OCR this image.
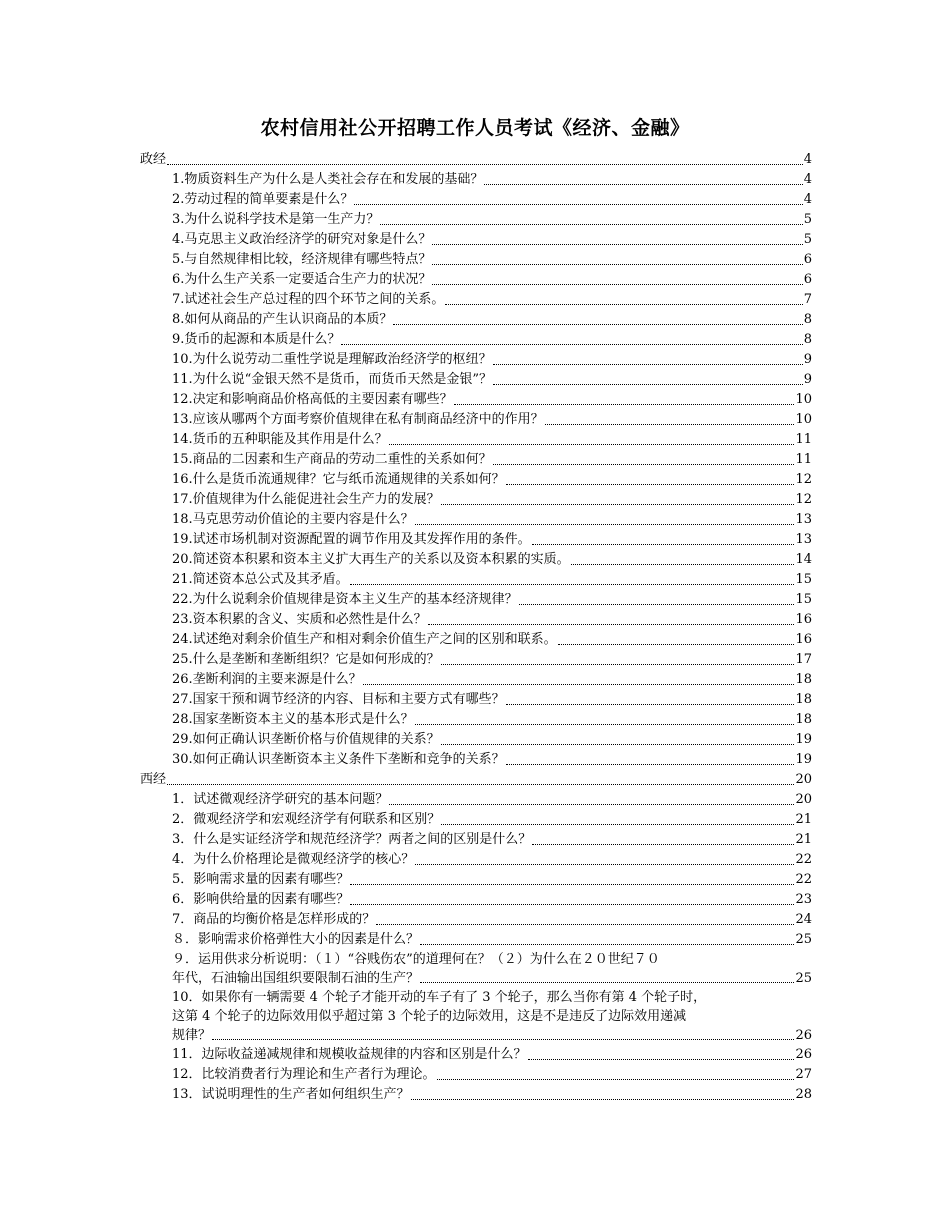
农村信用社公开招聘工作人员考试《经济、金融》
政经	4
1.物质资料生产为什么是人类社会存在和发展的基础？	4
2.劳动过程的简单要素是什么？	4
3.为什么说科学技术是第一生产力？	5
4.马克思主义政治经济学的研究对象是什么？	5
5.与自然规律相比较，经济规律有哪些特点？	6
6.为什么生产关系一定要适合生产力的状况？	6
7.试述社会生产总过程的四个环节之间的关系。	7
8.如何从商品的产生认识商品的本质？	8
9.货币的起源和本质是什么？	8
10.为什么说劳动二重性学说是理解政治经济学的枢纽？	9
11.为什么说“金银天然不是货币，而货币天然是金银”？	9
12.决定和影响商品价格高低的主要因素有哪些？	10
13.应该从哪两个方面考察价值规律在私有制商品经济中的作用？	10
14.货币的五种职能及其作用是什么？	11
15.商品的二因素和生产商品的劳动二重性的关系如何？	11
16.什么是货币流通规律？它与纸币流通规律的关系如何？	12
17.价值规律为什么能促进社会生产力的发展？	12
18.马克思劳动价值论的主要内容是什么？	13
19.试述市场机制对资源配置的调节作用及其发挥作用的条件。	13
20.简述资本积累和资本主义扩大再生产的关系以及资本积累的实质。	14
21.简述资本总公式及其矛盾。	15
22.为什么说剩余价值规律是资本主义生产的基本经济规律？	15
23.资本积累的含义、实质和必然性是什么？	16
24.试述绝对剩余价值生产和相对剩余价值生产之间的区别和联系。	16
25.什么是垄断和垄断组织？它是如何形成的？	17
26.垄断利润的主要来源是什么？	18
27.国家干预和调节经济的内容、目标和主要方式有哪些？	18
28.国家垄断资本主义的基本形式是什么？	18
29.如何正确认识垄断价格与价值规律的关系？	19
30.如何正确认识垄断资本主义条件下垄断和竞争的关系？	19
西经	20
1．试述微观经济学研究的基本问题？	20
2．微观经济学和宏观经济学有何联系和区别？	21
3．什么是实证经济学和规范经济学？两者之间的区别是什么？	21
4．为什么价格理论是微观经济学的核心？	22
5．影响需求量的因素有哪些？	22
6．影响供给量的因素有哪些？	23
7．商品的均衡价格是怎样形成的？	24
８．影响需求价格弹性大小的因素是什么？	25
９．运用供求分析说明：（１）“谷贱伤农”的道理何在？（２）为什么在２０世纪７０
年代，石油输出国组织要限制石油的生产？	25
10．如果你有一辆需要 4 个轮子才能开动的车子有了 3 个轮子，那么当你有第 4 个轮子时，
这第 4 个轮子的边际效用似乎超过第 3 个轮子的边际效用，这是不是违反了边际效用递减
规律？	26
11．边际收益递减规律和规模收益规律的内容和区别是什么？	26
12．比较消费者行为理论和生产者行为理论。	27
13．试说明理性的生产者如何组织生产？	28
